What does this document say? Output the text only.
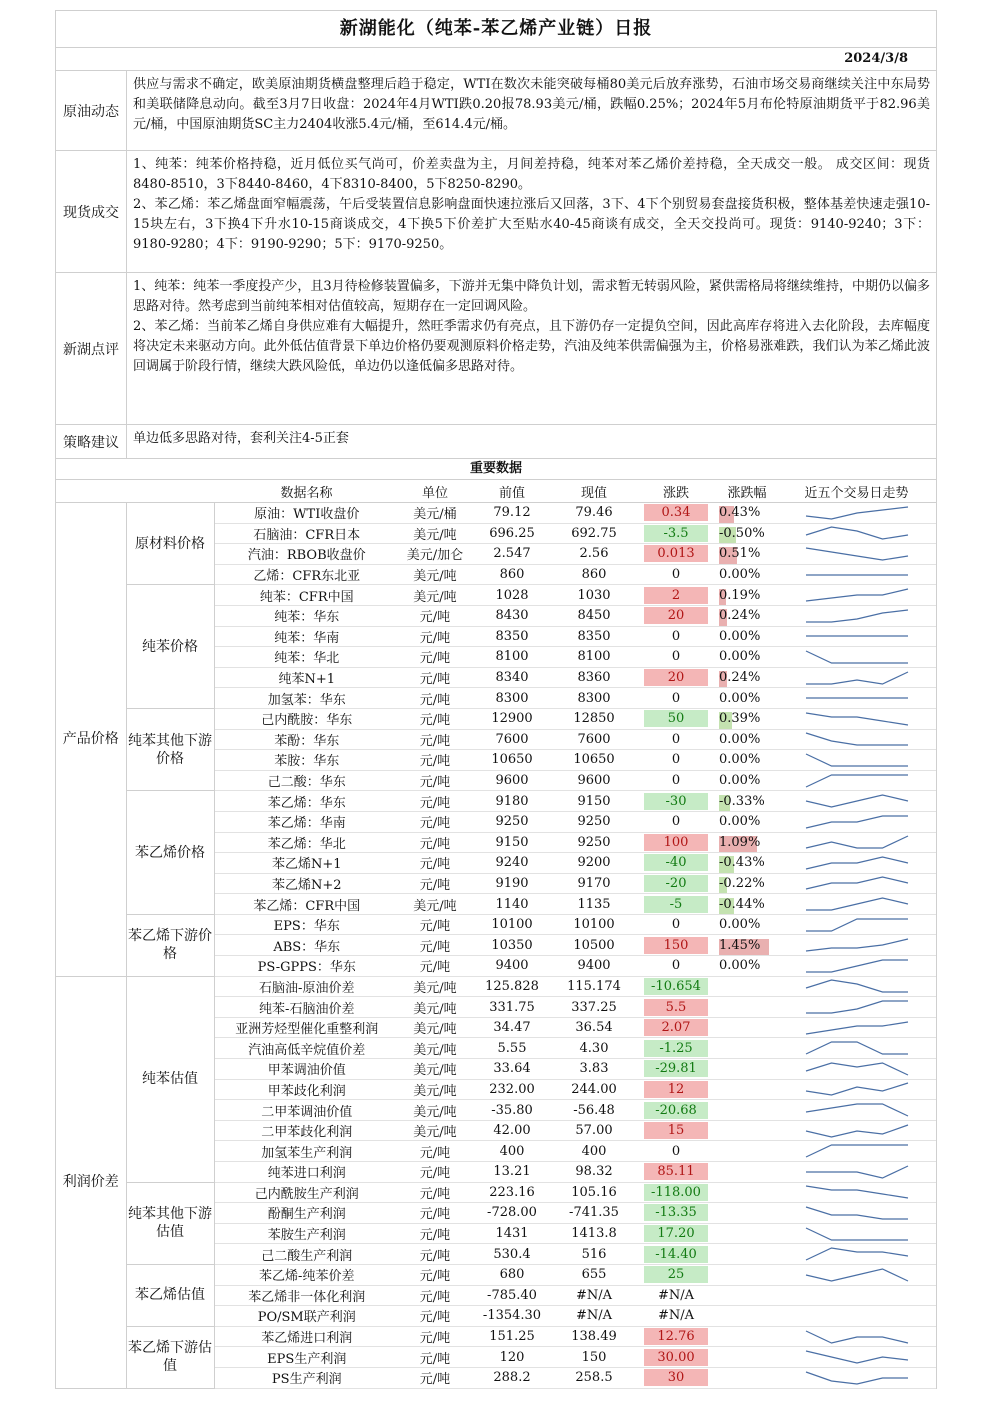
新湖能化（纯苯-苯乙烯产业链）日报
2024/3/8
原油动态

供应与需求不确定，欧美原油期货横盘整理后趋于稳定，WTI在数次未能突破每桶80美元后放弃涨势，石油市场交易商继续关注中东局势和美联储降息动向。截至3月7日收盘：2024年4月WTI跌0.20报78.93美元/桶，跌幅0.25%；2024年5月布伦特原油期货平于82.96美元/桶，中国原油期货SC主力2404收涨5.4元/桶，至614.4元/桶。

现货成交

1、纯苯：纯苯价格持稳，近月低位买气尚可，价差卖盘为主，月间差持稳，纯苯对苯乙烯价差持稳，全天成交一般。 成交区间：现货8480-8510，3下8440-8460，4下8310-8400，5下8250-8290。

2、苯乙烯：苯乙烯盘面窄幅震荡，午后受装置信息影响盘面快速拉涨后又回落，3下、4下个别贸易套盘接货积极，整体基差快速走强10-15块左右，3下换4下升水10-15商谈成交，4下换5下价差扩大至贴水40-45商谈有成交，全天交投尚可。现货：9140-9240；3下：9180-9280；4下：9190-9290；5下：9170-9250。

新湖点评

1、纯苯：纯苯一季度投产少，且3月待检修装置偏多，下游并无集中降负计划，需求暂无转弱风险，紧供需格局将继续维持，中期仍以偏多思路对待。然考虑到当前纯苯相对估值较高，短期存在一定回调风险。

2、苯乙烯：当前苯乙烯自身供应难有大幅提升，然旺季需求仍有亮点，且下游仍存一定提负空间，因此高库存将进入去化阶段，去库幅度将决定未来驱动方向。此外低估值背景下单边价格仍要观测原料价格走势，汽油及纯苯供需偏强为主，价格易涨难跌，我们认为苯乙烯此波回调属于阶段行情，继续大跌风险低，单边仍以逢低偏多思路对待。

策略建议	单边低多思路对待，套利关注4-5正套

重要数据
		数据名称	单位	前值	现值	涨跌	涨跌幅	近五个交易日走势
产品价格	原材料价格	原油：WTI收盘价	美元/桶	79.12	79.46	0.34	0.43%	

		石脑油：CFR日本	美元/吨	696.25	692.75	-3.5	-0.50%	

		汽油：RBOB收盘价	美元/加仑	2.547	2.56	0.013	0.51%	

		乙烯：CFR东北亚	美元/吨	860	860	0	0.00%	

	纯苯价格	纯苯：CFR中国	美元/吨	1028	1030	2	0.19%	

		纯苯：华东	元/吨	8430	8450	20	0.24%	

		纯苯：华南	元/吨	8350	8350	0	0.00%	

		纯苯：华北	元/吨	8100	8100	0	0.00%	

		纯苯N+1	元/吨	8340	8360	20	0.24%	

		加氢苯：华东	元/吨	8300	8300	0	0.00%	

	纯苯其他下游价格	己内酰胺：华东	元/吨	12900	12850	50	0.39%	

		苯酚：华东	元/吨	7600	7600	0	0.00%	

		苯胺：华东	元/吨	10650	10650	0	0.00%	

		己二酸：华东	元/吨	9600	9600	0	0.00%	

	苯乙烯价格	苯乙烯：华东	元/吨	9180	9150	-30	-0.33%	

		苯乙烯：华南	元/吨	9250	9250	0	0.00%	

		苯乙烯：华北	元/吨	9150	9250	100	1.09%	

		苯乙烯N+1	元/吨	9240	9200	-40	-0.43%	

		苯乙烯N+2	元/吨	9190	9170	-20	-0.22%	

		苯乙烯：CFR中国	美元/吨	1140	1135	-5	-0.44%	

	苯乙烯下游价格	EPS：华东	元/吨	10100	10100	0	0.00%	

		ABS：华东	元/吨	10350	10500	150	1.45%	

		PS-GPPS：华东	元/吨	9400	9400	0	0.00%	

利润价差	纯苯估值	石脑油-原油价差	美元/吨	125.828	115.174	-10.654		

		纯苯-石脑油价差	美元/吨	331.75	337.25	5.5		

		亚洲芳烃型催化重整利润	美元/吨	34.47	36.54	2.07		

		汽油高低辛烷值价差	美元/吨	5.55	4.30	-1.25		

		甲苯调油价值	美元/吨	33.64	3.83	-29.81		

		甲苯歧化利润	美元/吨	232.00	244.00	12		

		二甲苯调油价值	美元/吨	-35.80	-56.48	-20.68		

		二甲苯歧化利润	美元/吨	42.00	57.00	15		

		加氢苯生产利润	元/吨	400	400	0		

		纯苯进口利润	元/吨	13.21	98.32	85.11		

	纯苯其他下游估值	己内酰胺生产利润	元/吨	223.16	105.16	-118.00		

		酚酮生产利润	元/吨	-728.00	-741.35	-13.35		

		苯胺生产利润	元/吨	1431	1413.8	17.20		

		己二酸生产利润	元/吨	530.4	516	-14.40		

	苯乙烯估值	苯乙烯-纯苯价差	元/吨	680	655	25		

		苯乙烯非一体化利润	元/吨	-785.40	#N/A	#N/A		
		PO/SM联产利润	元/吨	-1354.30	#N/A	#N/A		
	苯乙烯下游估值	苯乙烯进口利润	元/吨	151.25	138.49	12.76		

		EPS生产利润	元/吨	120	150	30.00		

		PS生产利润	元/吨	288.2	258.5	30		
